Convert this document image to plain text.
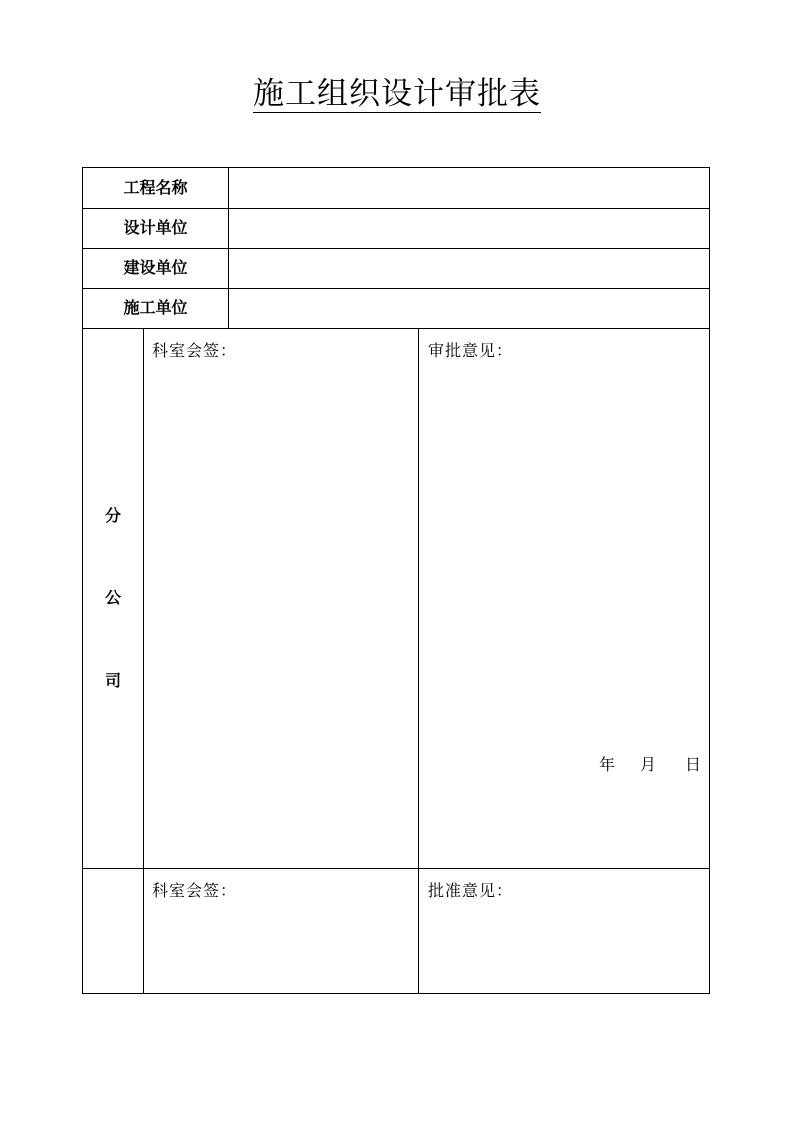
施工组织设计审批表
工程名称
设计单位
建设单位
施工单位
分
公
司
科室会签：	审批意见：
年 月 日
科室会签：	批准意见：
